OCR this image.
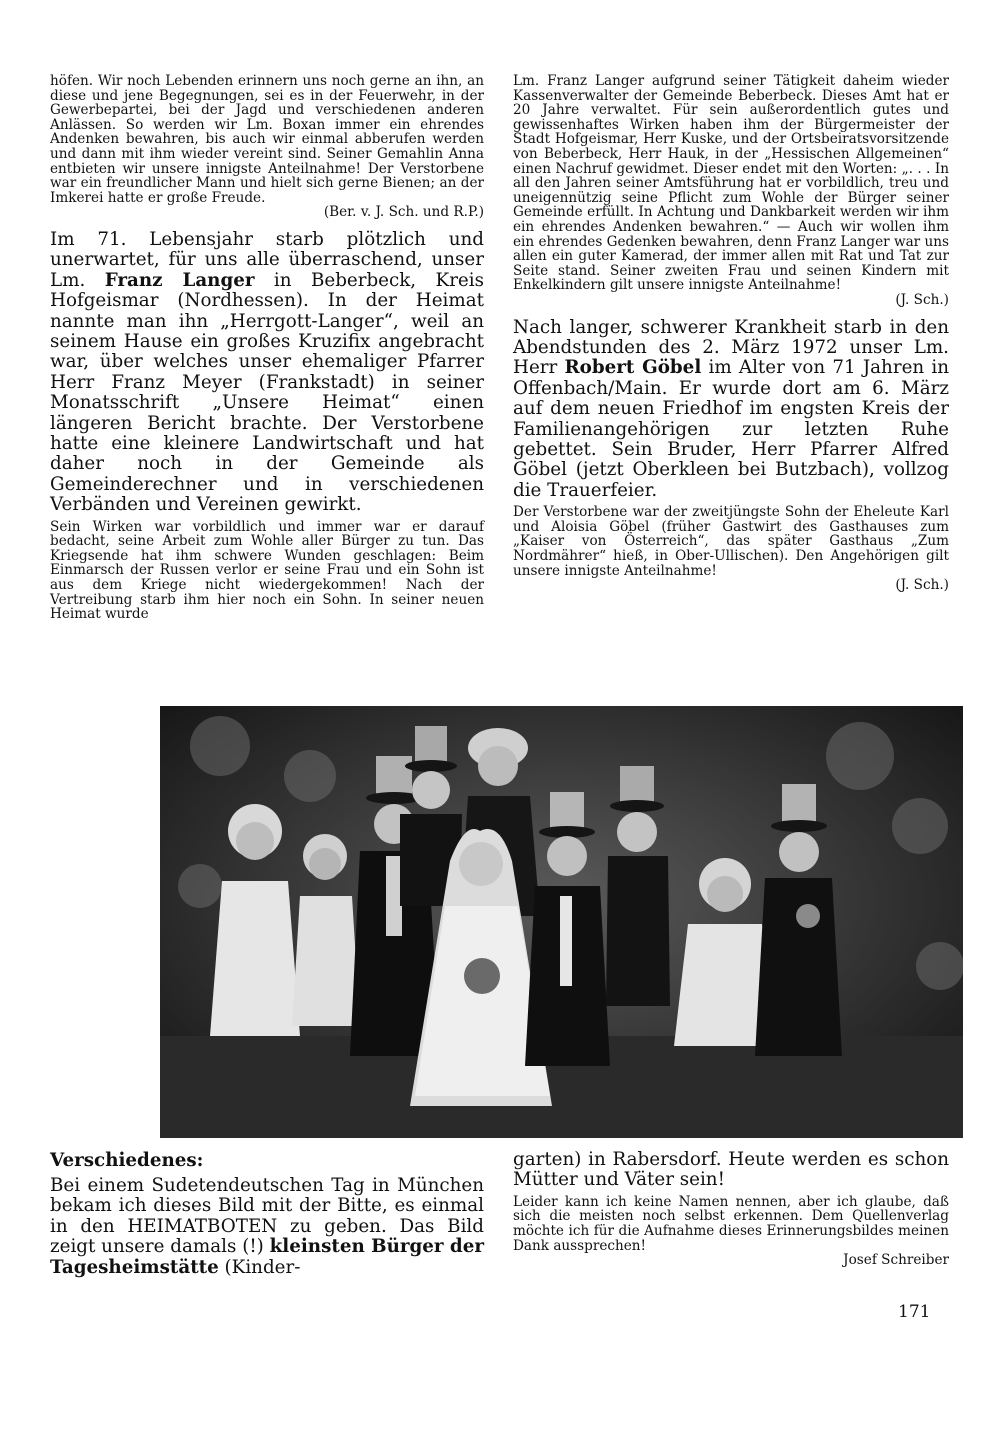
höfen. Wir noch Lebenden erinnern uns noch gerne an ihn, an diese und jene Begegnungen, sei es in der Feuerwehr, in der Gewerbepartei, bei der Jagd und verschiedenen anderen Anlässen. So werden wir Lm. Boxan immer ein ehrendes Andenken bewahren, bis auch wir einmal abberufen werden und dann mit ihm wieder vereint sind. Seiner Gemahlin Anna entbieten wir unsere innigste Anteilnahme! Der Verstorbene war ein freundlicher Mann und hielt sich gerne Bienen; an der Imkerei hatte er große Freude.
(Ber. v. J. Sch. und R.P.)

Im 71. Lebensjahr starb plötzlich und unerwartet, für uns alle überraschend, unser Lm. Franz Langer in Beberbeck, Kreis Hofgeismar (Nordhessen). In der Heimat nannte man ihn „Herrgott-Langer“, weil an seinem Hause ein großes Kruzifix angebracht war, über welches unser ehemaliger Pfarrer Herr Franz Meyer (Frankstadt) in seiner Monatsschrift „Unsere Heimat“ einen längeren Bericht brachte. Der Verstorbene hatte eine kleinere Landwirtschaft und hat daher noch in der Gemeinde als Gemeinderechner und in verschiedenen Verbänden und Vereinen gewirkt.

Sein Wirken war vorbildlich und immer war er darauf bedacht, seine Arbeit zum Wohle aller Bürger zu tun. Das Kriegsende hat ihm schwere Wunden geschlagen: Beim Einmarsch der Russen verlor er seine Frau und ein Sohn ist aus dem Kriege nicht wiedergekommen! Nach der Vertreibung starb ihm hier noch ein Sohn. In seiner neuen Heimat wurde

Lm. Franz Langer aufgrund seiner Tätigkeit daheim wieder Kassenverwalter der Gemeinde Beberbeck. Dieses Amt hat er 20 Jahre verwaltet. Für sein außerordentlich gutes und gewissenhaftes Wirken haben ihm der Bürgermeister der Stadt Hofgeismar, Herr Kuske, und der Ortsbeiratsvorsitzende von Beberbeck, Herr Hauk, in der „Hessischen Allgemeinen“ einen Nachruf gewidmet. Dieser endet mit den Worten: „. . . In all den Jahren seiner Amtsführung hat er vorbildlich, treu und uneigennützig seine Pflicht zum Wohle der Bürger seiner Gemeinde erfüllt. In Achtung und Dankbarkeit werden wir ihm ein ehrendes Andenken bewahren.“ — Auch wir wollen ihm ein ehrendes Gedenken bewahren, denn Franz Langer war uns allen ein guter Kamerad, der immer allen mit Rat und Tat zur Seite stand. Seiner zweiten Frau und seinen Kindern mit Enkelkindern gilt unsere innigste Anteilnahme!
(J. Sch.)

Nach langer, schwerer Krankheit starb in den Abendstunden des 2. März 1972 unser Lm. Herr Robert Göbel im Alter von 71 Jahren in Offenbach/Main. Er wurde dort am 6. März auf dem neuen Friedhof im engsten Kreis der Familienangehörigen zur letzten Ruhe gebettet. Sein Bruder, Herr Pfarrer Alfred Göbel (jetzt Oberkleen bei Butzbach), vollzog die Trauerfeier.

Der Verstorbene war der zweitjüngste Sohn der Eheleute Karl und Aloisia Göbel (früher Gastwirt des Gasthauses zum „Kaiser von Österreich“, das später Gasthaus „Zum Nordmährer“ hieß, in Ober-Ullischen). Den Angehörigen gilt unsere innigste Anteilnahme!
(J. Sch.)

Verschiedenes:

Bei einem Sudetendeutschen Tag in München bekam ich dieses Bild mit der Bitte, es einmal in den HEIMATBOTEN zu geben. Das Bild zeigt unsere damals (!) kleinsten Bürger der Tagesheimstätte (Kinder-

garten) in Rabersdorf. Heute werden es schon Mütter und Väter sein!

Leider kann ich keine Namen nennen, aber ich glaube, daß sich die meisten noch selbst erkennen. Dem Quellenverlag möchte ich für die Aufnahme dieses Erinnerungsbildes meinen Dank aussprechen!
Josef Schreiber

171
